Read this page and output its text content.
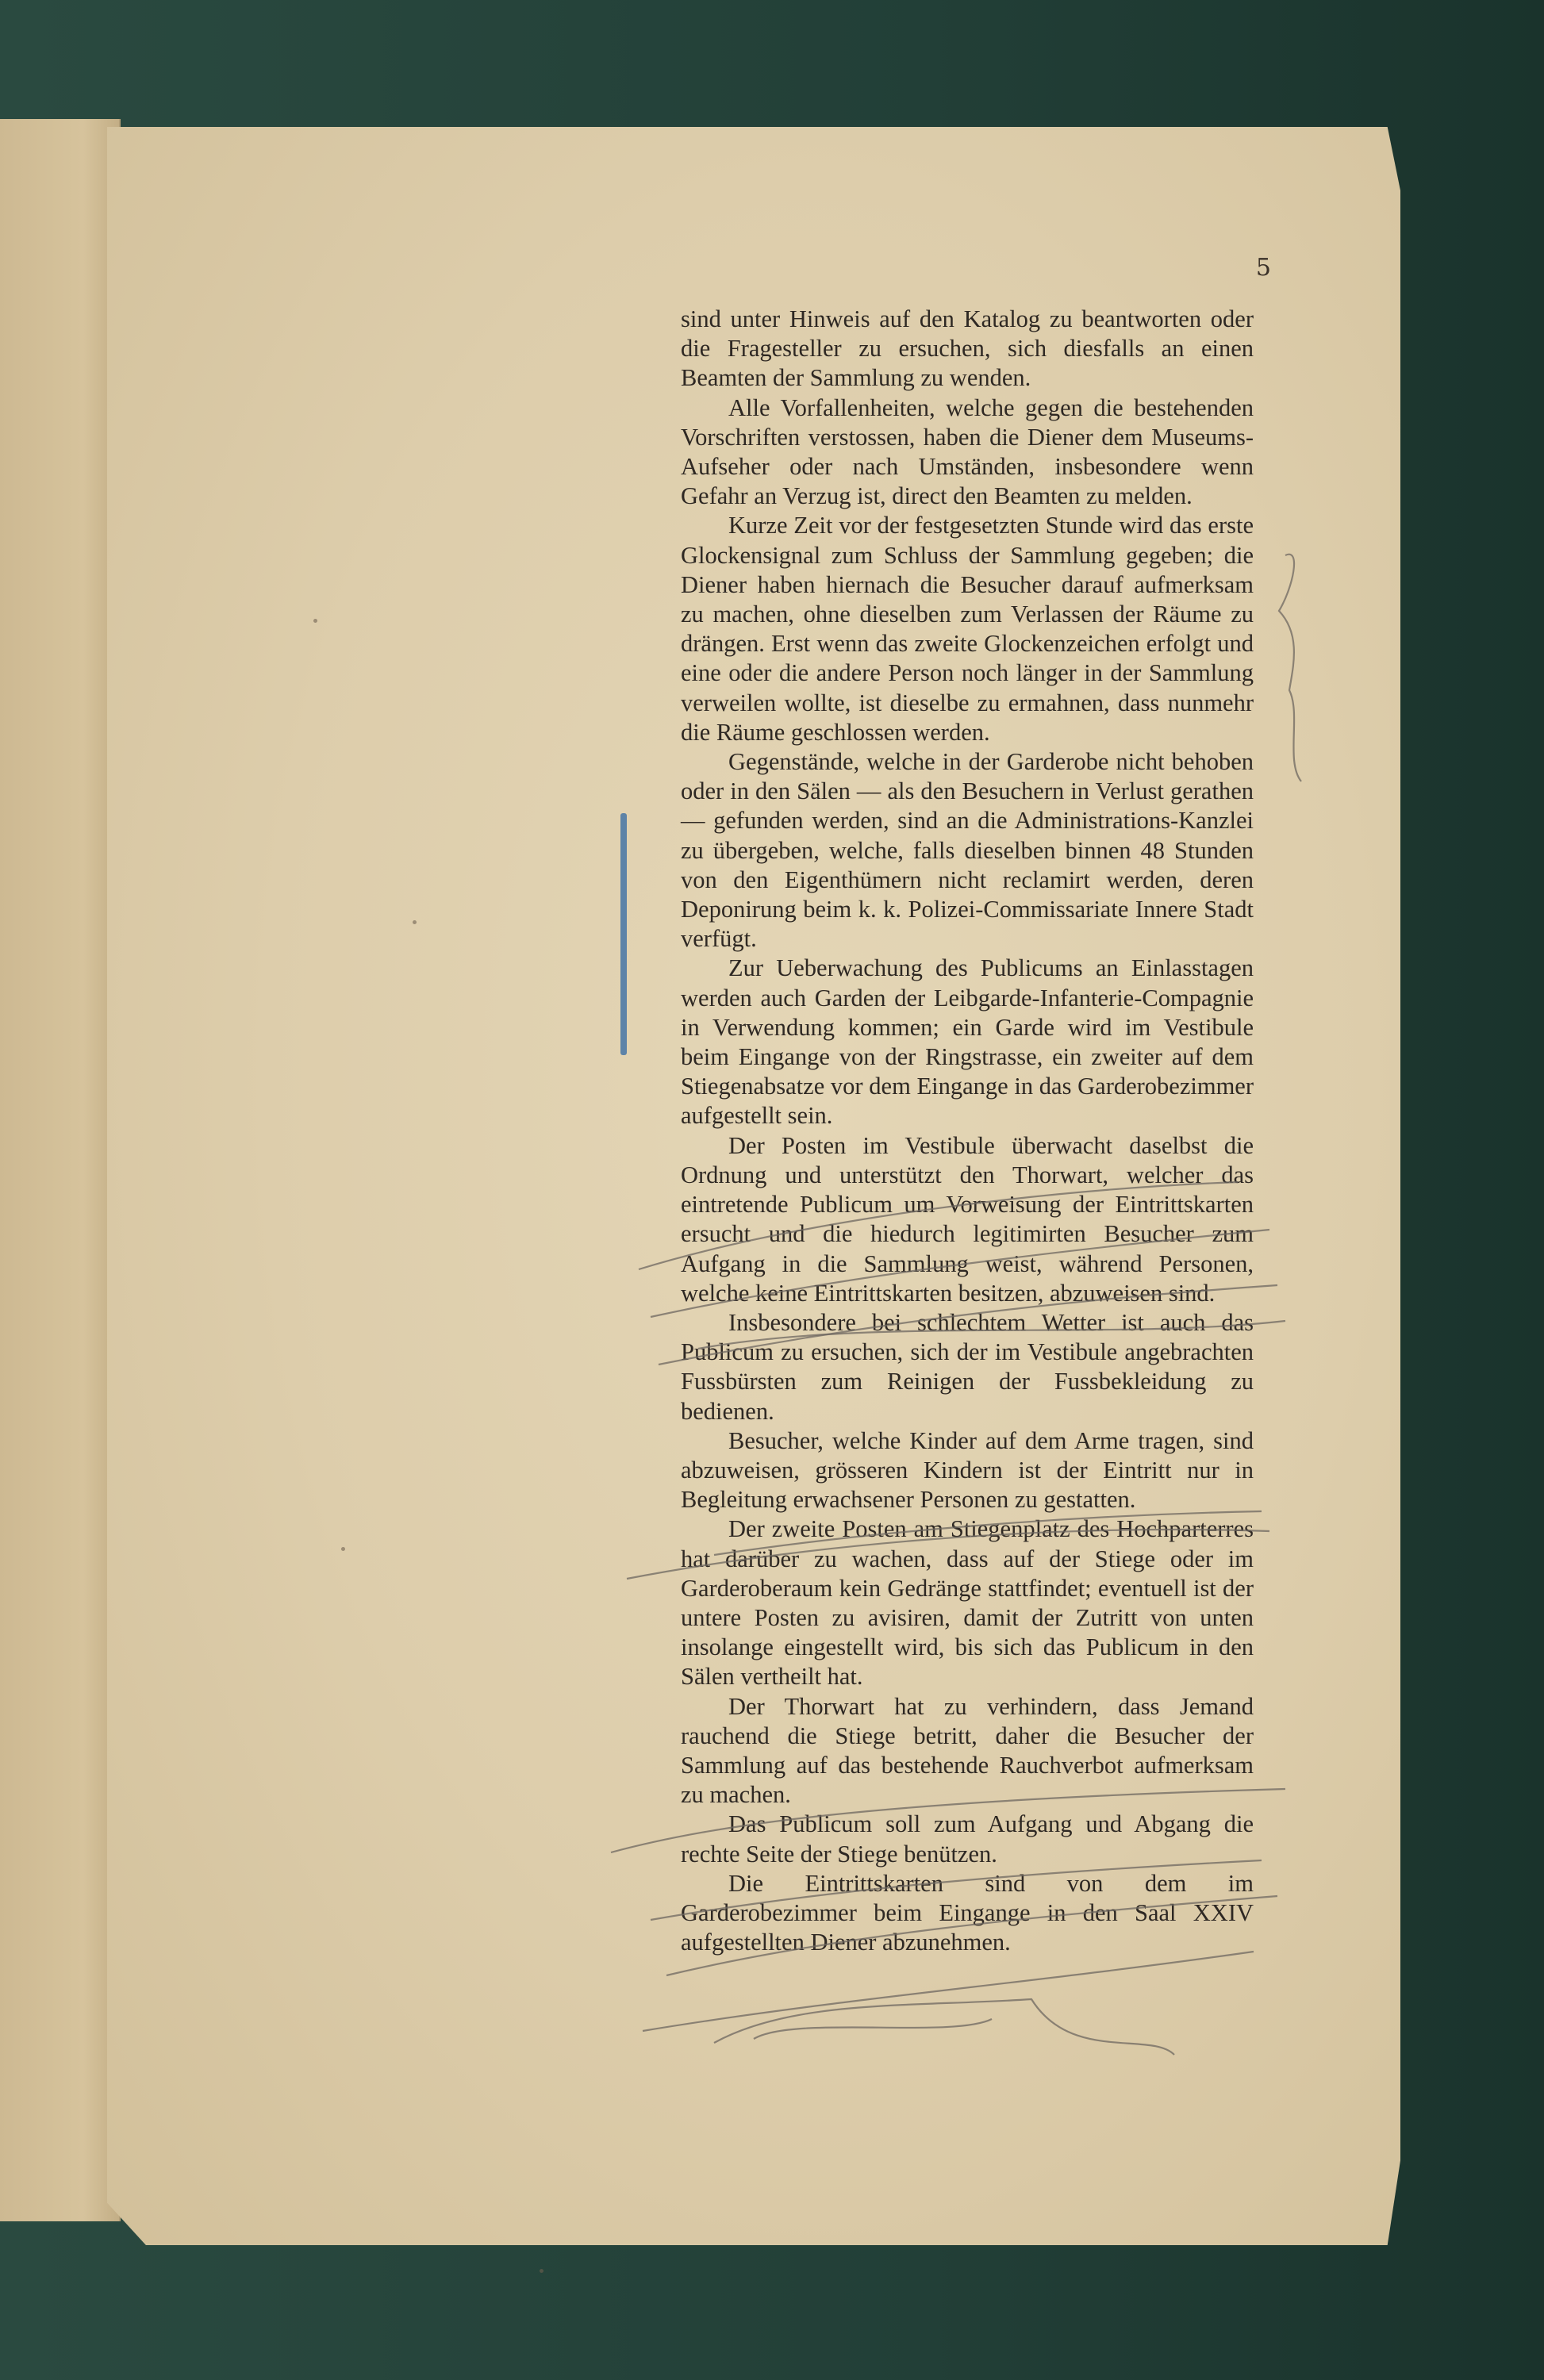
5

sind unter Hinweis auf den Katalog zu beantworten oder die Fragesteller zu ersuchen, sich diesfalls an einen Beamten der Sammlung zu wenden.

Alle Vorfallenheiten, welche gegen die bestehenden Vorschriften verstossen, haben die Diener dem Museums-Aufseher oder nach Umständen, insbesondere wenn Gefahr an Verzug ist, direct den Beamten zu melden.

Kurze Zeit vor der festgesetzten Stunde wird das erste Glockensignal zum Schluss der Sammlung gegeben; die Diener haben hiernach die Besucher darauf aufmerksam zu machen, ohne dieselben zum Verlassen der Räume zu drängen. Erst wenn das zweite Glockenzeichen erfolgt und eine oder die andere Person noch länger in der Sammlung verweilen wollte, ist dieselbe zu ermahnen, dass nunmehr die Räume geschlossen werden.

Gegenstände, welche in der Garderobe nicht behoben oder in den Sälen — als den Besuchern in Verlust gerathen — gefunden werden, sind an die Administrations-Kanzlei zu übergeben, welche, falls dieselben binnen 48 Stunden von den Eigenthümern nicht reclamirt werden, deren Deponirung beim k. k. Polizei-Commissariate Innere Stadt verfügt.

Zur Ueberwachung des Publicums an Einlasstagen werden auch Garden der Leibgarde-Infanterie-Compagnie in Verwendung kommen; ein Garde wird im Vestibule beim Eingange von der Ringstrasse, ein zweiter auf dem Stiegenabsatze vor dem Eingange in das Garderobezimmer aufgestellt sein.

Der Posten im Vestibule überwacht daselbst die Ordnung und unterstützt den Thorwart, welcher das eintretende Publicum um Vorweisung der Eintrittskarten ersucht und die hiedurch legitimirten Besucher zum Aufgang in die Sammlung weist, während Personen, welche keine Eintrittskarten besitzen, abzuweisen sind.

Insbesondere bei schlechtem Wetter ist auch das Publicum zu ersuchen, sich der im Vestibule angebrachten Fussbürsten zum Reinigen der Fussbekleidung zu bedienen.

Besucher, welche Kinder auf dem Arme tragen, sind abzuweisen, grösseren Kindern ist der Eintritt nur in Begleitung erwachsener Personen zu gestatten.

Der zweite Posten am Stiegenplatz des Hochparterres hat darüber zu wachen, dass auf der Stiege oder im Garderoberaum kein Gedränge stattfindet; eventuell ist der untere Posten zu avisiren, damit der Zutritt von unten insolange eingestellt wird, bis sich das Publicum in den Sälen vertheilt hat.

Der Thorwart hat zu verhindern, dass Jemand rauchend die Stiege betritt, daher die Besucher der Sammlung auf das bestehende Rauchverbot aufmerksam zu machen.

Das Publicum soll zum Aufgang und Abgang die rechte Seite der Stiege benützen.

Die Eintrittskarten sind von dem im Garderobezimmer beim Eingange in den Saal XXIV aufgestellten Diener abzunehmen.
